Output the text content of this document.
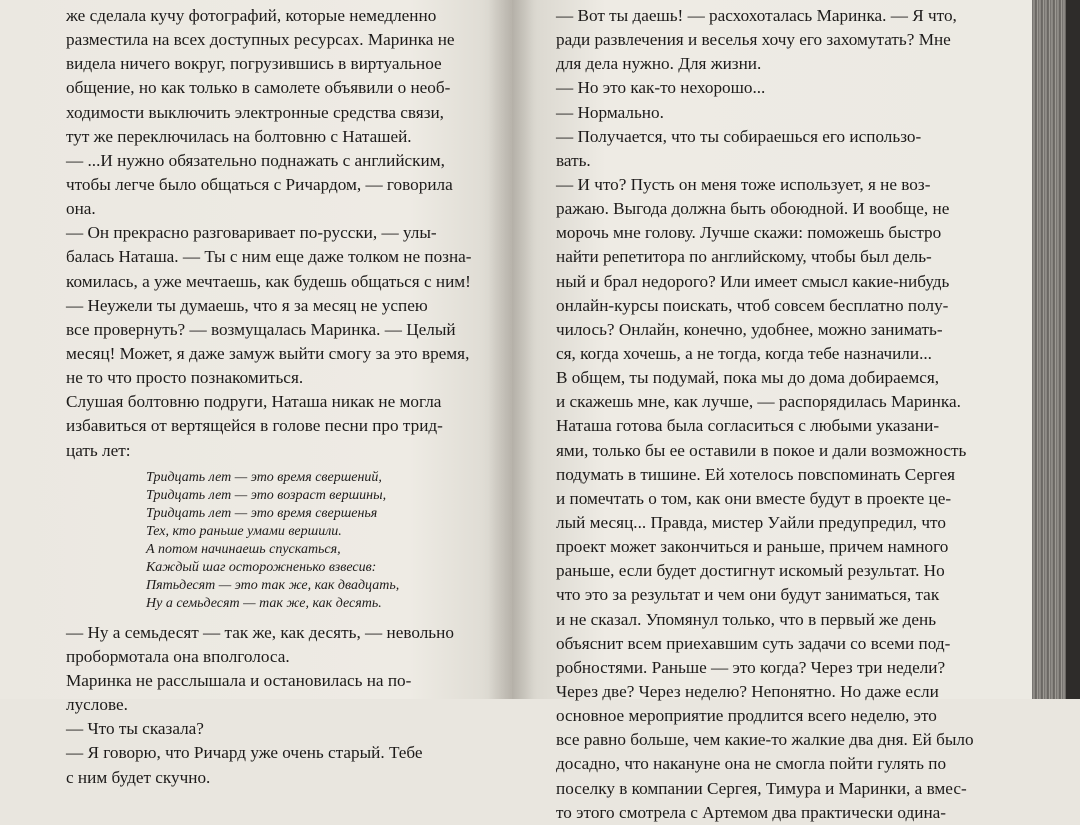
же сделала кучу фотографий, которые немедленно
разместила на всех доступных ресурсах. Маринка не
видела ничего вокруг, погрузившись в виртуальное
общение, но как только в самолете объявили о необ-
ходимости выключить электронные средства связи,
тут же переключилась на болтовню с Наташей.
— ...И нужно обязательно поднажать с английским,
чтобы легче было общаться с Ричардом, — говорила
она.
— Он прекрасно разговаривает по-русски, — улы-
балась Наташа. — Ты с ним еще даже толком не позна-
комилась, а уже мечтаешь, как будешь общаться с ним!
— Неужели ты думаешь, что я за месяц не успею
все провернуть? — возмущалась Маринка. — Целый
месяц! Может, я даже замуж выйти смогу за это время,
не то что просто познакомиться.
Слушая болтовню подруги, Наташа никак не могла
избавиться от вертящейся в голове песни про трид-
цать лет:
Тридцать лет — это время свершений,
Тридцать лет — это возраст вершины,
Тридцать лет — это время свершенья
Тех, кто раньше умами вершили.
А потом начинаешь спускаться,
Каждый шаг осторожненько взвесив:
Пятьдесят — это так же, как двадцать,
Ну а семьдесят — так же, как десять.
— Ну а семьдесят — так же, как десять, — невольно
пробормотала она вполголоса.
Маринка не расслышала и остановилась на по-
луслове.
— Что ты сказала?
— Я говорю, что Ричард уже очень старый. Тебе
с ним будет скучно.
— Вот ты даешь! — расхохоталась Маринка. — Я что,
ради развлечения и веселья хочу его захомутать? Мне
для дела нужно. Для жизни.
— Но это как-то нехорошо...
— Нормально.
— Получается, что ты собираешься его использо-
вать.
— И что? Пусть он меня тоже использует, я не воз-
ражаю. Выгода должна быть обоюдной. И вообще, не
морочь мне голову. Лучше скажи: поможешь быстро
найти репетитора по английскому, чтобы был дель-
ный и брал недорого? Или имеет смысл какие-нибудь
онлайн-курсы поискать, чтоб совсем бесплатно полу-
чилось? Онлайн, конечно, удобнее, можно занимать-
ся, когда хочешь, а не тогда, когда тебе назначили...
В общем, ты подумай, пока мы до дома добираемся,
и скажешь мне, как лучше, — распорядилась Маринка.
Наташа готова была согласиться с любыми указани-
ями, только бы ее оставили в покое и дали возможность
подумать в тишине. Ей хотелось повспоминать Сергея
и помечтать о том, как они вместе будут в проекте це-
лый месяц... Правда, мистер Уайли предупредил, что
проект может закончиться и раньше, причем намного
раньше, если будет достигнут искомый результат. Но
что это за результат и чем они будут заниматься, так
и не сказал. Упомянул только, что в первый же день
объяснит всем приехавшим суть задачи со всеми под-
робностями. Раньше — это когда? Через три недели?
Через две? Через неделю? Непонятно. Но даже если
основное мероприятие продлится всего неделю, это
все равно больше, чем какие-то жалкие два дня. Ей было
досадно, что накануне она не смогла пойти гулять по
поселку в компании Сергея, Тимура и Маринки, а вмес-
то этого смотрела с Артемом два практически одина-
